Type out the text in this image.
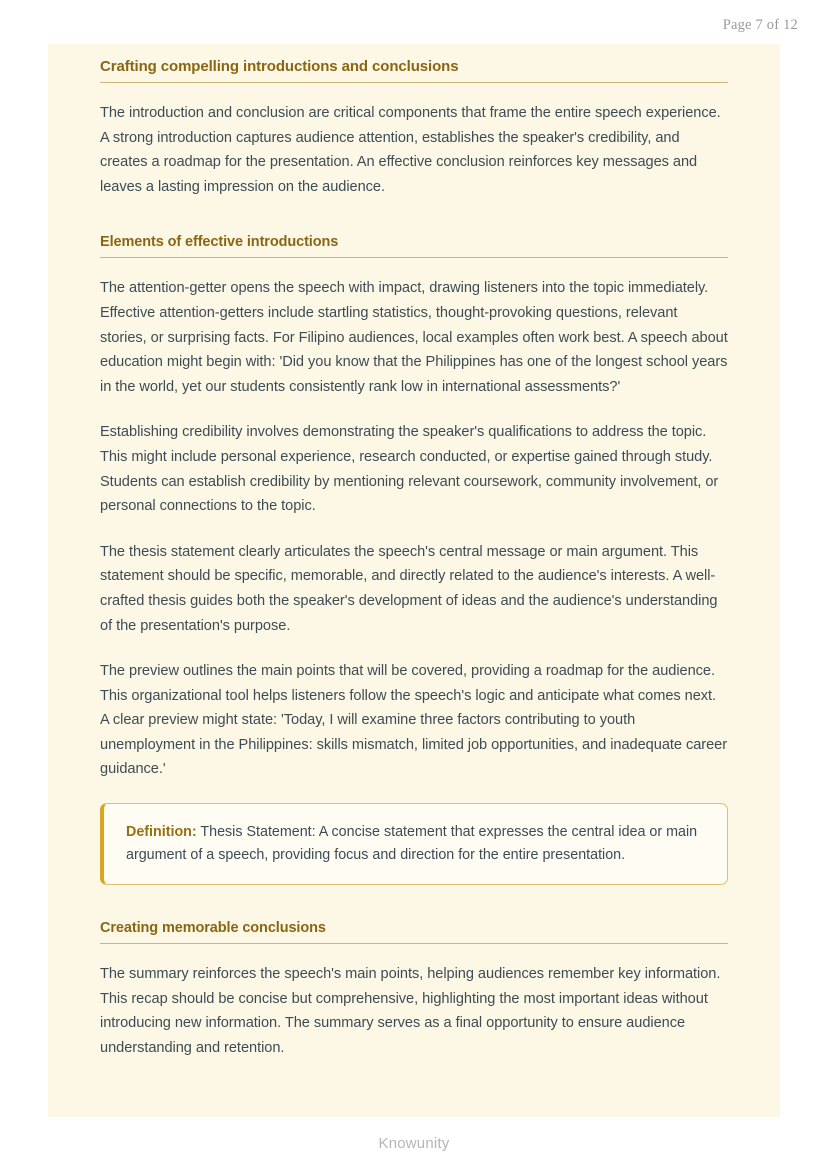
Page 7 of 12
Crafting compelling introductions and conclusions

The introduction and conclusion are critical components that frame the entire speech experience. A strong introduction captures audience attention, establishes the speaker's credibility, and creates a roadmap for the presentation. An effective conclusion reinforces key messages and leaves a lasting impression on the audience.

Elements of effective introductions

The attention-getter opens the speech with impact, drawing listeners into the topic immediately. Effective attention-getters include startling statistics, thought-provoking questions, relevant stories, or surprising facts. For Filipino audiences, local examples often work best. A speech about education might begin with: 'Did you know that the Philippines has one of the longest school years in the world, yet our students consistently rank low in international assessments?'

Establishing credibility involves demonstrating the speaker's qualifications to address the topic. This might include personal experience, research conducted, or expertise gained through study. Students can establish credibility by mentioning relevant coursework, community involvement, or personal connections to the topic.

The thesis statement clearly articulates the speech's central message or main argument. This statement should be specific, memorable, and directly related to the audience's interests. A well-crafted thesis guides both the speaker's development of ideas and the audience's understanding of the presentation's purpose.

The preview outlines the main points that will be covered, providing a roadmap for the audience. This organizational tool helps listeners follow the speech's logic and anticipate what comes next. A clear preview might state: 'Today, I will examine three factors contributing to youth unemployment in the Philippines: skills mismatch, limited job opportunities, and inadequate career guidance.'

Definition: Thesis Statement: A concise statement that expresses the central idea or main argument of a speech, providing focus and direction for the entire presentation.

Creating memorable conclusions

The summary reinforces the speech's main points, helping audiences remember key information. This recap should be concise but comprehensive, highlighting the most important ideas without introducing new information. The summary serves as a final opportunity to ensure audience understanding and retention.

Knowunity
